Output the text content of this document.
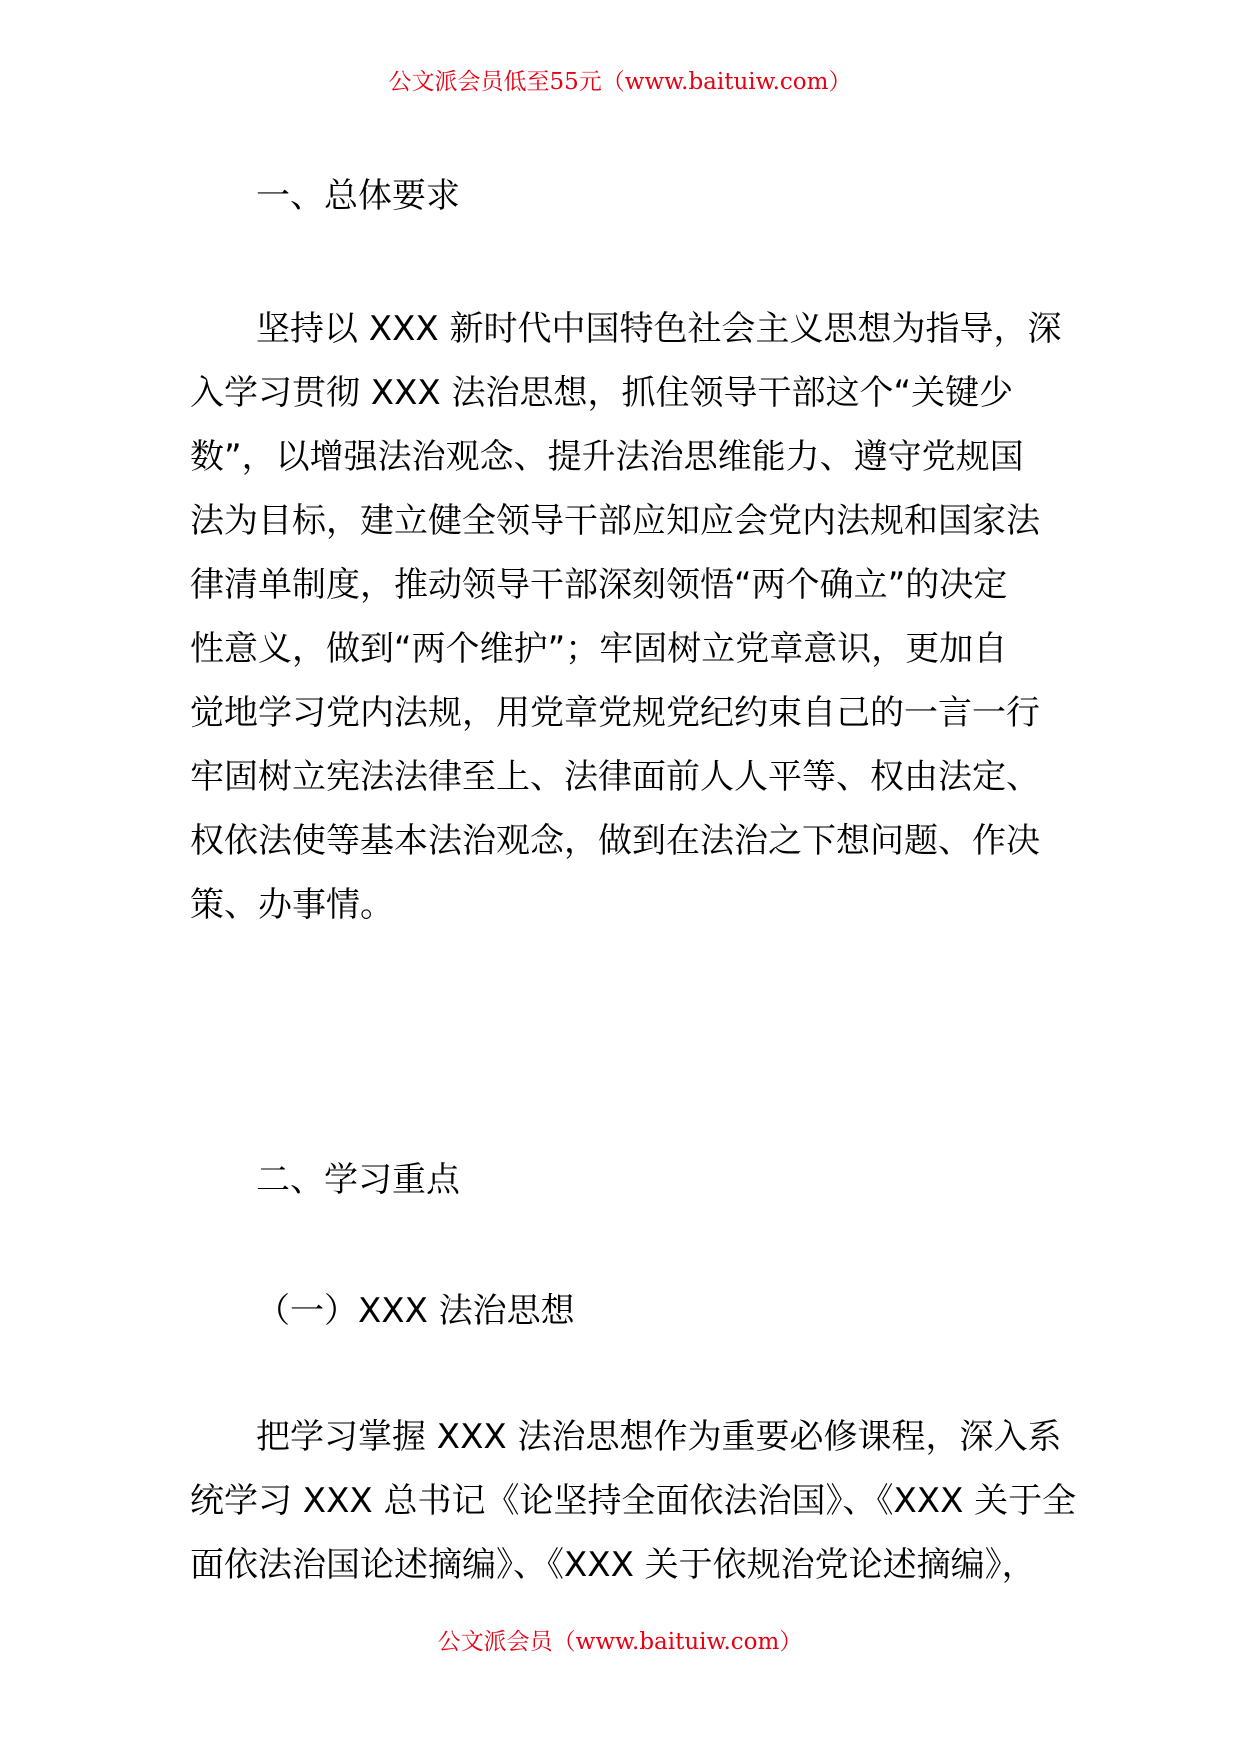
公文派会员低至55元（www.baituiw.com）
一、总体要求
坚持以 XXX 新时代中国特色社会主义思想为指导，深
入学习贯彻 XXX 法治思想，抓住领导干部这个“关键少
数”，以增强法治观念、提升法治思维能力、遵守党规国
法为目标，建立健全领导干部应知应会党内法规和国家法
律清单制度，推动领导干部深刻领悟“两个确立”的决定
性意义，做到“两个维护”；牢固树立党章意识，更加自
觉地学习党内法规，用党章党规党纪约束自己的一言一行
牢固树立宪法法律至上、法律面前人人平等、权由法定、
权依法使等基本法治观念，做到在法治之下想问题、作决
策、办事情。
二、学习重点
（一）XXX 法治思想
把学习掌握 XXX 法治思想作为重要必修课程，深入系
统学习 XXX 总书记《论坚持全面依法治国》、《XXX 关于全
面依法治国论述摘编》、《XXX 关于依规治党论述摘编》，
公文派会员（www.baituiw.com）
